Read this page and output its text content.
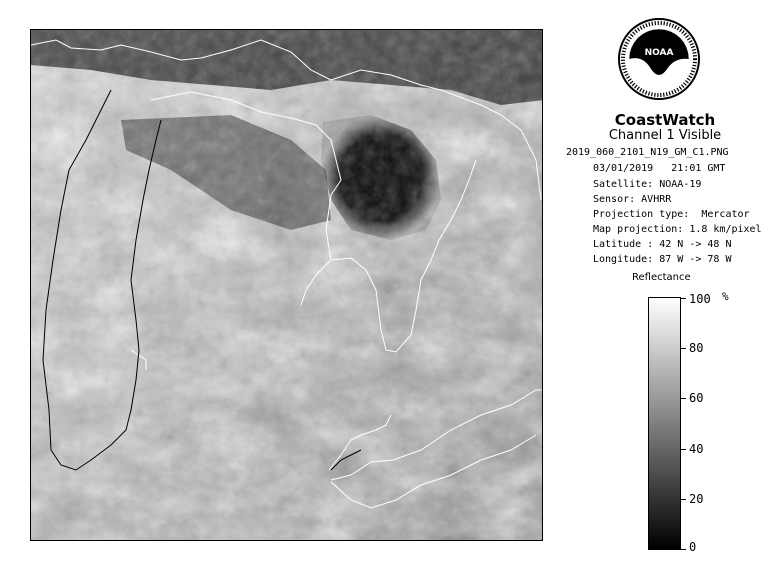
NOAA
CoastWatch
Channel 1 Visible
2019_060_2101_N19_GM_C1.PNG
03/01/2019   21:01 GMT
Satellite: NOAA-19
Sensor: AVHRR
Projection type:  Mercator
Map projection: 1.8 km/pixel
Latitude : 42 N -> 48 N
Longitude: 87 W -> 78 W
Reflectance
%
100
80
60
40
20
0
